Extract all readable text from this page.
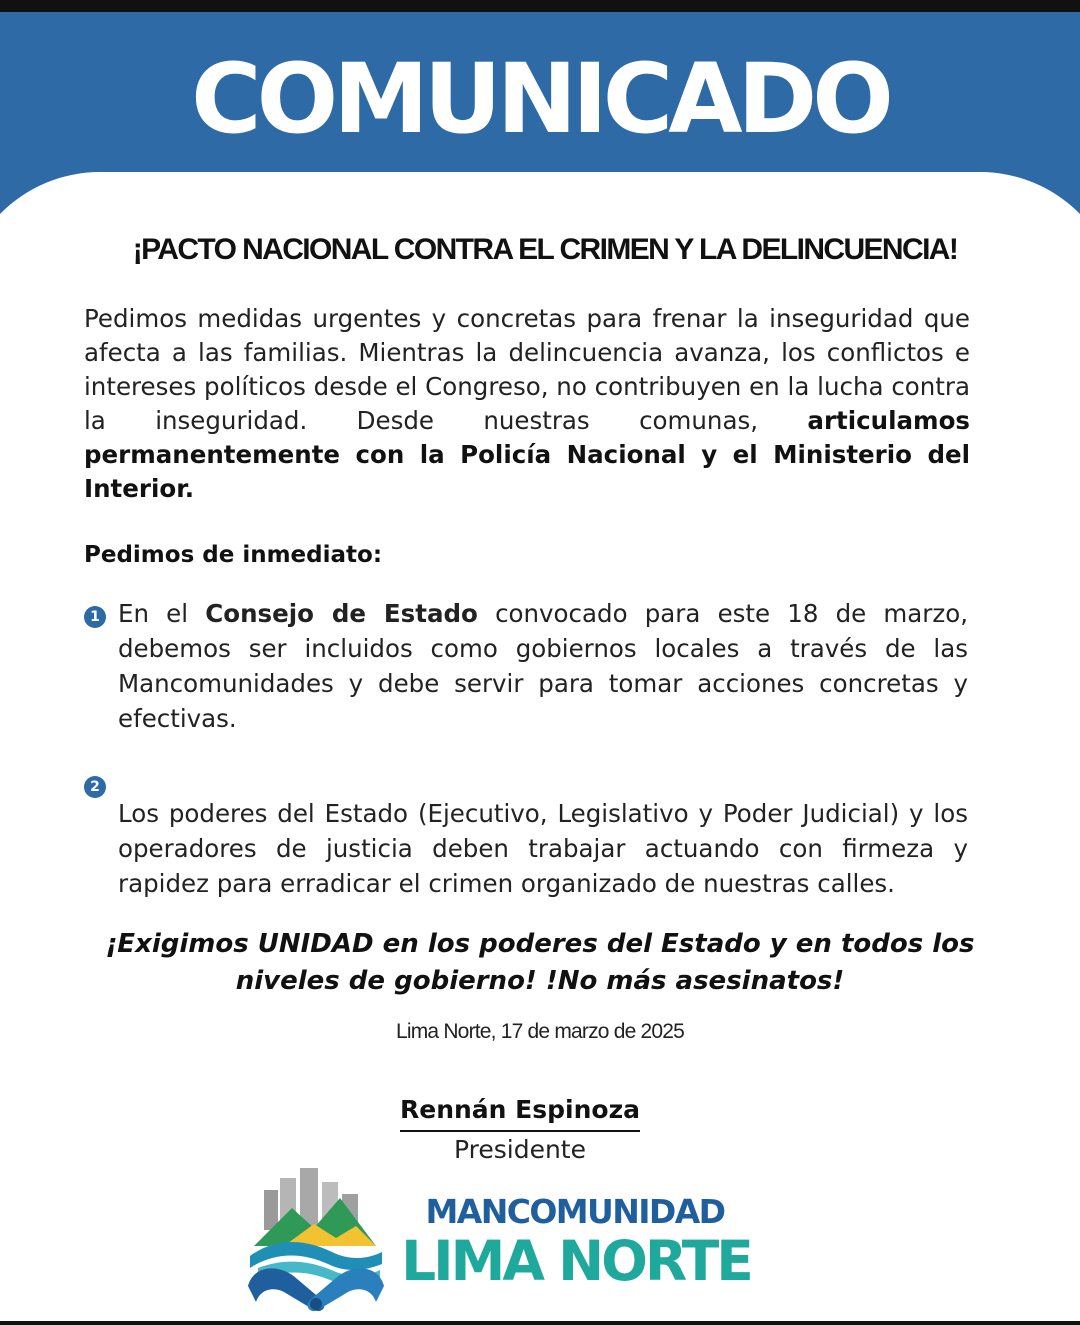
COMUNICADO
¡PACTO NACIONAL CONTRA EL CRIMEN Y LA DELINCUENCIA!

Pedimos medidas urgentes y concretas para frenar la inseguridad que afecta a las familias. Mientras la delincuencia avanza, los conflictos e intereses políticos desde el Congreso, no contribuyen en la lucha contra la inseguridad. Desde nuestras comunas, articulamos permanentemente con la Policía Nacional y el Ministerio del Interior.

Pedimos de inmediato:
1 En el Consejo de Estado convocado para este 18 de marzo, debemos ser incluidos como gobiernos locales a través de las Mancomunidades y debe servir para tomar acciones concretas y efectivas.

2

Los poderes del Estado (Ejecutivo, Legislativo y Poder Judicial) y los operadores de justicia deben trabajar actuando con firmeza y rapidez para erradicar el crimen organizado de nuestras calles.

¡Exigimos UNIDAD en los poderes del Estado y en todos los
niveles de gobierno! !No más asesinatos!
Lima Norte, 17 de marzo de 2025
Rennán Espinoza
Presidente
MANCOMUNIDAD
LIMA NORTE
